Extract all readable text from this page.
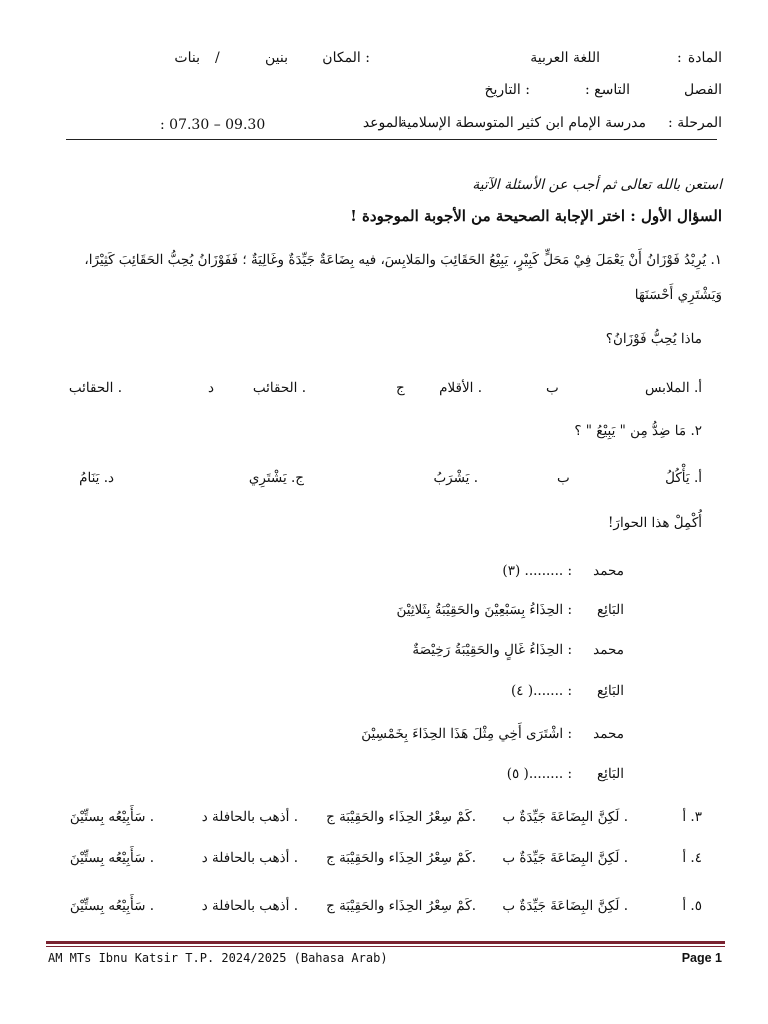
المادة
:
اللغة العربية
المكان :
بنين
/
بنات
الفصل
: التاسع
التاريخ :
المرحلة
:
مدرسة الإمام ابن كثير المتوسطة الإسلامية
الموعد
: 07.30 – 09.30
استعن بالله تعالى ثم أجب عن الأسئلة الآتية
السؤال الأول : اختر الإجابة الصحيحة من الأجوبة الموجودة !
١. يُرِيْدُ فَوْزَانُ أَنْ يَعْمَلَ فِيْ مَحَلٍّ كَبِيْرٍ، يَبِيْعُ الحَقَائِبَ والمَلابِسَ، فيه بِضَاعَةٌ جَيِّدَةٌ وغَالِيَةٌ ؛ فَفَوْزَانُ يُحِبُّ الحَقَائِبَ كَثِيْرًا،
وَيَشْتَرِي أَحْسَنَهَا
ماذا يُحِبُّ فَوْزَانُ؟
أ. الملابس
ب
. الأقلام
ج
. الحقائب
د
. الحقائب
٢. مَا ضِدُّ مِن " يَبِيْعُ " ؟
أ. يَأْكُلُ
ب
. يَشْرَبُ
ج. يَشْتَرِي
د. يَنَامُ
أُكْمِلْ هذا الحوارَ!
محمد
: ......... (٣)
البَائِع
: الحِذَاءُ بِسَبْعِيْنَ والحَقِيْبَةُ بِثَلاثِيْنَ
محمد
: الحِذَاءُ غَالٍ والحَقِيْبَةُ رَخِيْصَةٌ
البَائِع
: .......( ٤)
محمد
: اشْتَرَى أَخِي مِثْلَ هَذَا الحِذَاءَ بِخَمْسِيْنَ
البَائِع
: ........( ٥)
٣. أ
. لَكِنَّ البِضَاعَةَ جَيِّدَةٌ ب
.كَمْ سِعْرُ الحِذَاء والحَقِيْبَة ج
. أذهب بالحافلة د
. سَأَبِيْعُه بِستِّيْنَ
٤. أ
. لَكِنَّ البِضَاعَةَ جَيِّدَةٌ ب
.كَمْ سِعْرُ الحِذَاء والحَقِيْبَة ج
. أذهب بالحافلة د
. سَأَبِيْعُه بِستِّيْنَ
٥. أ
. لَكِنَّ البِضَاعَةَ جَيِّدَةٌ ب
.كَمْ سِعْرُ الحِذَاء والحَقِيْبَة ج
. أذهب بالحافلة د
. سَأَبِيْعُه بِستِّيْنَ
AM MTs Ibnu Katsir T.P. 2024/2025 (Bahasa Arab)	Page 1
